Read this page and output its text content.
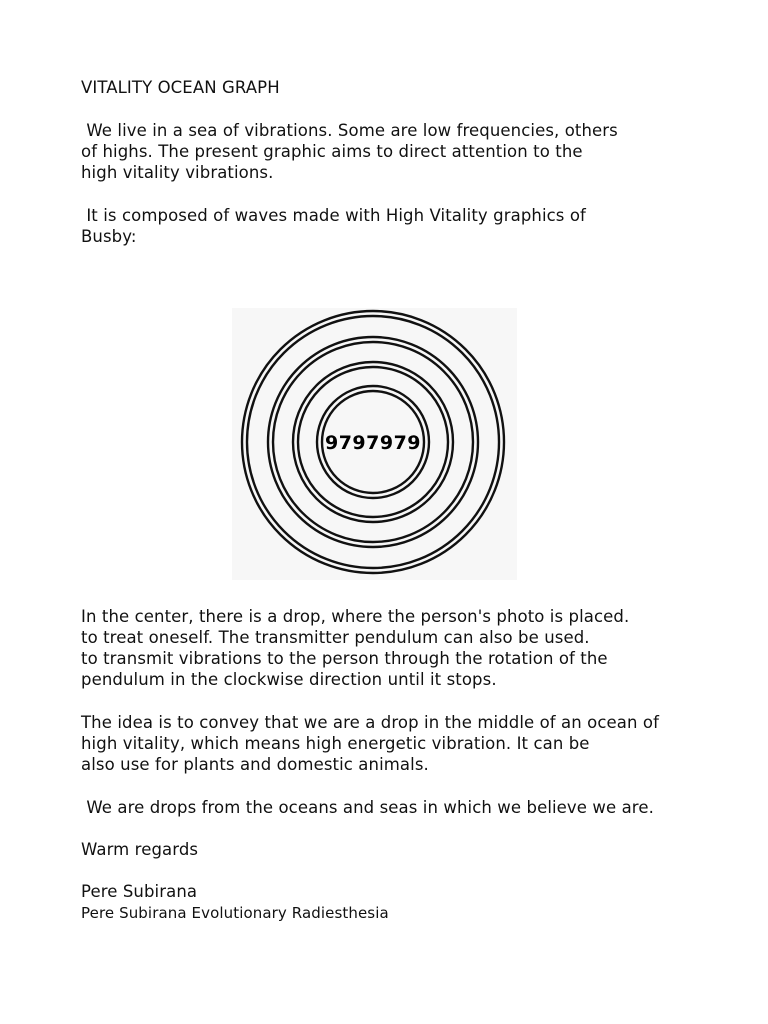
VITALITY OCEAN GRAPH
We live in a sea of vibrations. Some are low frequencies, others
of highs. The present graphic aims to direct attention to the
high vitality vibrations.
It is composed of waves made with High Vitality graphics of
Busby:
9797979
In the center, there is a drop, where the person's photo is placed.
to treat oneself. The transmitter pendulum can also be used.
to transmit vibrations to the person through the rotation of the
pendulum in the clockwise direction until it stops.
The idea is to convey that we are a drop in the middle of an ocean of
high vitality, which means high energetic vibration. It can be
also use for plants and domestic animals.
We are drops from the oceans and seas in which we believe we are.
Warm regards
Pere Subirana
Pere Subirana Evolutionary Radiesthesia
